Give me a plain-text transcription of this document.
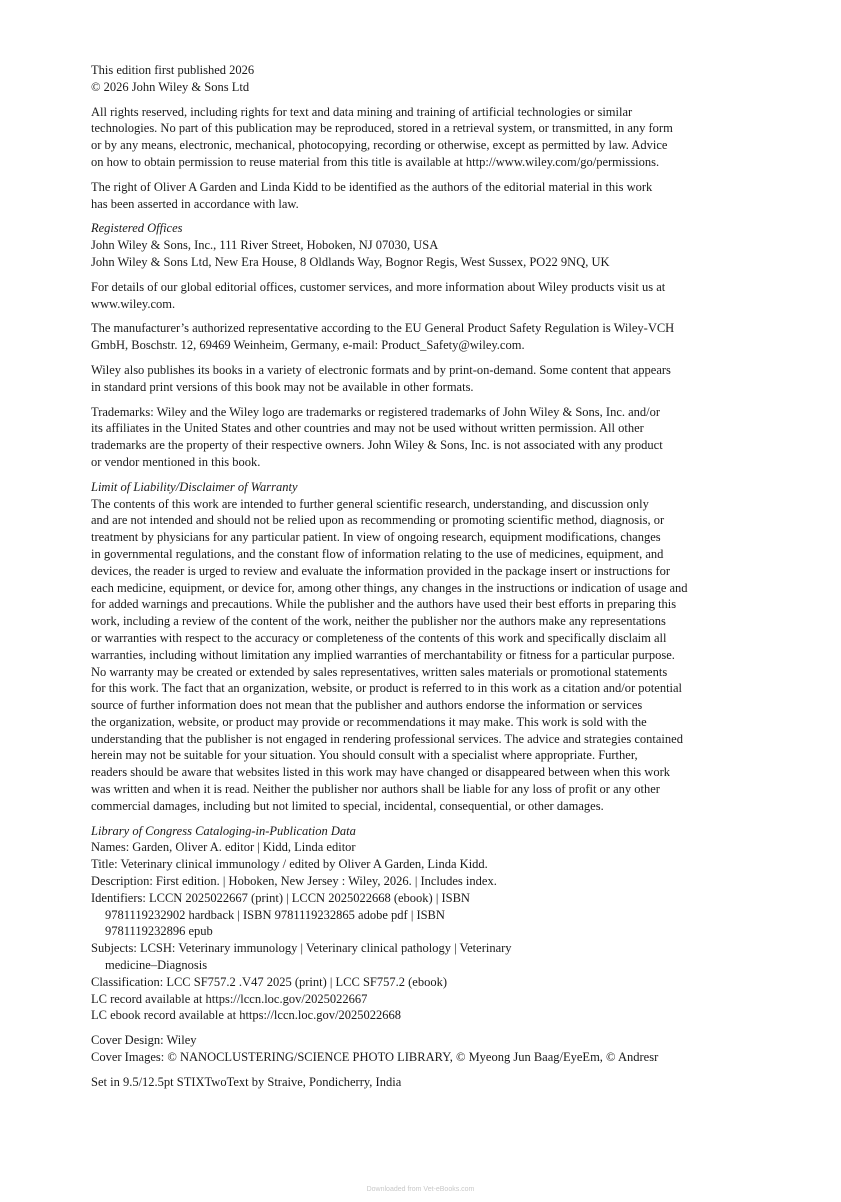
This edition first published 2026
© 2026 John Wiley & Sons Ltd
All rights reserved, including rights for text and data mining and training of artificial technologies or similar
technologies. No part of this publication may be reproduced, stored in a retrieval system, or transmitted, in any form
or by any means, electronic, mechanical, photocopying, recording or otherwise, except as permitted by law. Advice
on how to obtain permission to reuse material from this title is available at http://www.wiley.com/go/permissions.
The right of Oliver A Garden and Linda Kidd to be identified as the authors of the editorial material in this work
has been asserted in accordance with law.
Registered Offices
John Wiley & Sons, Inc., 111 River Street, Hoboken, NJ 07030, USA
John Wiley & Sons Ltd, New Era House, 8 Oldlands Way, Bognor Regis, West Sussex, PO22 9NQ, UK
For details of our global editorial offices, customer services, and more information about Wiley products visit us at
www.wiley.com.
The manufacturer’s authorized representative according to the EU General Product Safety Regulation is Wiley-VCH
GmbH, Boschstr. 12, 69469 Weinheim, Germany, e-mail: Product_Safety@wiley.com.
Wiley also publishes its books in a variety of electronic formats and by print-on-demand. Some content that appears
in standard print versions of this book may not be available in other formats.
Trademarks: Wiley and the Wiley logo are trademarks or registered trademarks of John Wiley & Sons, Inc. and/or
its affiliates in the United States and other countries and may not be used without written permission. All other
trademarks are the property of their respective owners. John Wiley & Sons, Inc. is not associated with any product
or vendor mentioned in this book.
Limit of Liability/Disclaimer of Warranty
The contents of this work are intended to further general scientific research, understanding, and discussion only
and are not intended and should not be relied upon as recommending or promoting scientific method, diagnosis, or
treatment by physicians for any particular patient. In view of ongoing research, equipment modifications, changes
in governmental regulations, and the constant flow of information relating to the use of medicines, equipment, and
devices, the reader is urged to review and evaluate the information provided in the package insert or instructions for
each medicine, equipment, or device for, among other things, any changes in the instructions or indication of usage and
for added warnings and precautions. While the publisher and the authors have used their best efforts in preparing this
work, including a review of the content of the work, neither the publisher nor the authors make any representations
or warranties with respect to the accuracy or completeness of the contents of this work and specifically disclaim all
warranties, including without limitation any implied warranties of merchantability or fitness for a particular purpose.
No warranty may be created or extended by sales representatives, written sales materials or promotional statements
for this work. The fact that an organization, website, or product is referred to in this work as a citation and/or potential
source of further information does not mean that the publisher and authors endorse the information or services
the organization, website, or product may provide or recommendations it may make. This work is sold with the
understanding that the publisher is not engaged in rendering professional services. The advice and strategies contained
herein may not be suitable for your situation. You should consult with a specialist where appropriate. Further,
readers should be aware that websites listed in this work may have changed or disappeared between when this work
was written and when it is read. Neither the publisher nor authors shall be liable for any loss of profit or any other
commercial damages, including but not limited to special, incidental, consequential, or other damages.
Library of Congress Cataloging-in-Publication Data
Names: Garden, Oliver A. editor | Kidd, Linda editor
Title: Veterinary clinical immunology / edited by Oliver A Garden, Linda Kidd.
Description: First edition. | Hoboken, New Jersey : Wiley, 2026. | Includes index.
Identifiers: LCCN 2025022667 (print) | LCCN 2025022668 (ebook) | ISBN 9781119232902 hardback | ISBN 9781119232865 adobe pdf | ISBN 9781119232896 epub
Subjects: LCSH: Veterinary immunology | Veterinary clinical pathology | Veterinary medicine–Diagnosis
Classification: LCC SF757.2 .V47 2025 (print) | LCC SF757.2 (ebook)
LC record available at https://lccn.loc.gov/2025022667
LC ebook record available at https://lccn.loc.gov/2025022668
Cover Design: Wiley
Cover Images: © NANOCLUSTERING/SCIENCE PHOTO LIBRARY, © Myeong Jun Baag/EyeEm, © Andresr
Set in 9.5/12.5pt STIXTwoText by Straive, Pondicherry, India
Downloaded from Vet-eBooks.com
